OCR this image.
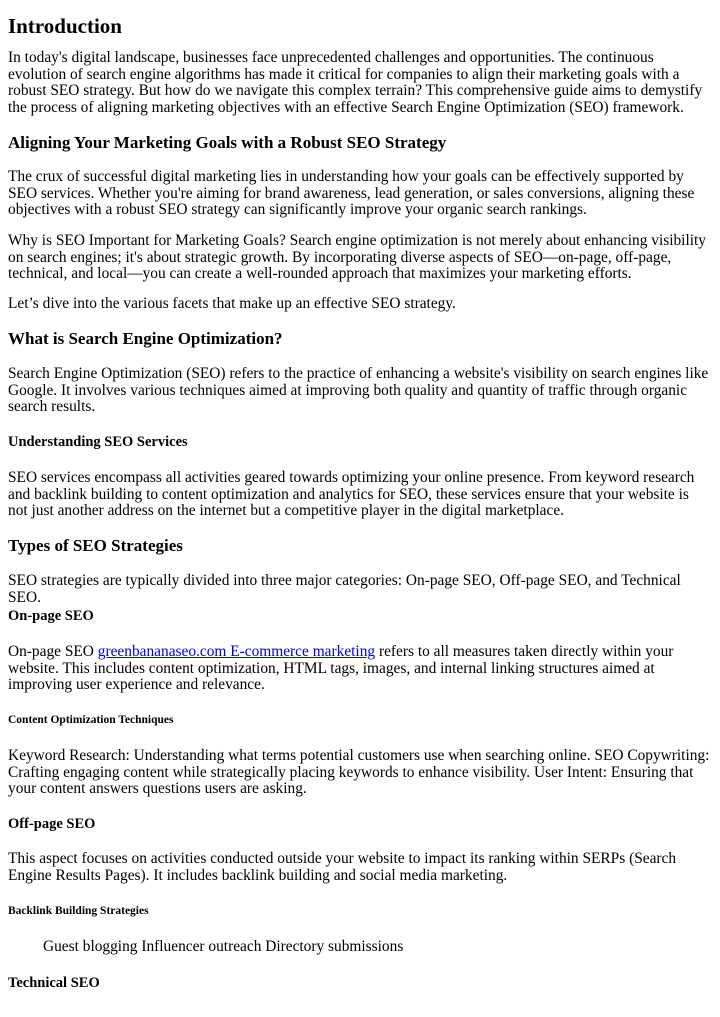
Introduction

In today's digital landscape, businesses face unprecedented challenges and opportunities. The continuous evolution of search engine algorithms has made it critical for companies to align their marketing goals with a robust SEO strategy. But how do we navigate this complex terrain? This comprehensive guide aims to demystify the process of aligning marketing objectives with an effective Search Engine Optimization (SEO) framework.

Aligning Your Marketing Goals with a Robust SEO Strategy

The crux of successful digital marketing lies in understanding how your goals can be effectively supported by SEO services. Whether you're aiming for brand awareness, lead generation, or sales conversions, aligning these objectives with a robust SEO strategy can significantly improve your organic search rankings.

Why is SEO Important for Marketing Goals? Search engine optimization is not merely about enhancing visibility on search engines; it's about strategic growth. By incorporating diverse aspects of SEO—on-page, off-page, technical, and local—you can create a well-rounded approach that maximizes your marketing efforts.

Let’s dive into the various facets that make up an effective SEO strategy.

What is Search Engine Optimization?

Search Engine Optimization (SEO) refers to the practice of enhancing a website's visibility on search engines like Google. It involves various techniques aimed at improving both quality and quantity of traffic through organic search results.

Understanding SEO Services

SEO services encompass all activities geared towards optimizing your online presence. From keyword research and backlink building to content optimization and analytics for SEO, these services ensure that your website is not just another address on the internet but a competitive player in the digital marketplace.

Types of SEO Strategies

SEO strategies are typically divided into three major categories: On-page SEO, Off-page SEO, and Technical SEO.

On-page SEO

On-page SEO greenbananaseo.com E-commerce marketing refers to all measures taken directly within your website. This includes content optimization, HTML tags, images, and internal linking structures aimed at improving user experience and relevance.

Content Optimization Techniques

Keyword Research: Understanding what terms potential customers use when searching online. SEO Copywriting: Crafting engaging content while strategically placing keywords to enhance visibility. User Intent: Ensuring that your content answers questions users are asking.

Off-page SEO

This aspect focuses on activities conducted outside your website to impact its ranking within SERPs (Search Engine Results Pages). It includes backlink building and social media marketing.

Backlink Building Strategies

Guest blogging Influencer outreach Directory submissions

Technical SEO
